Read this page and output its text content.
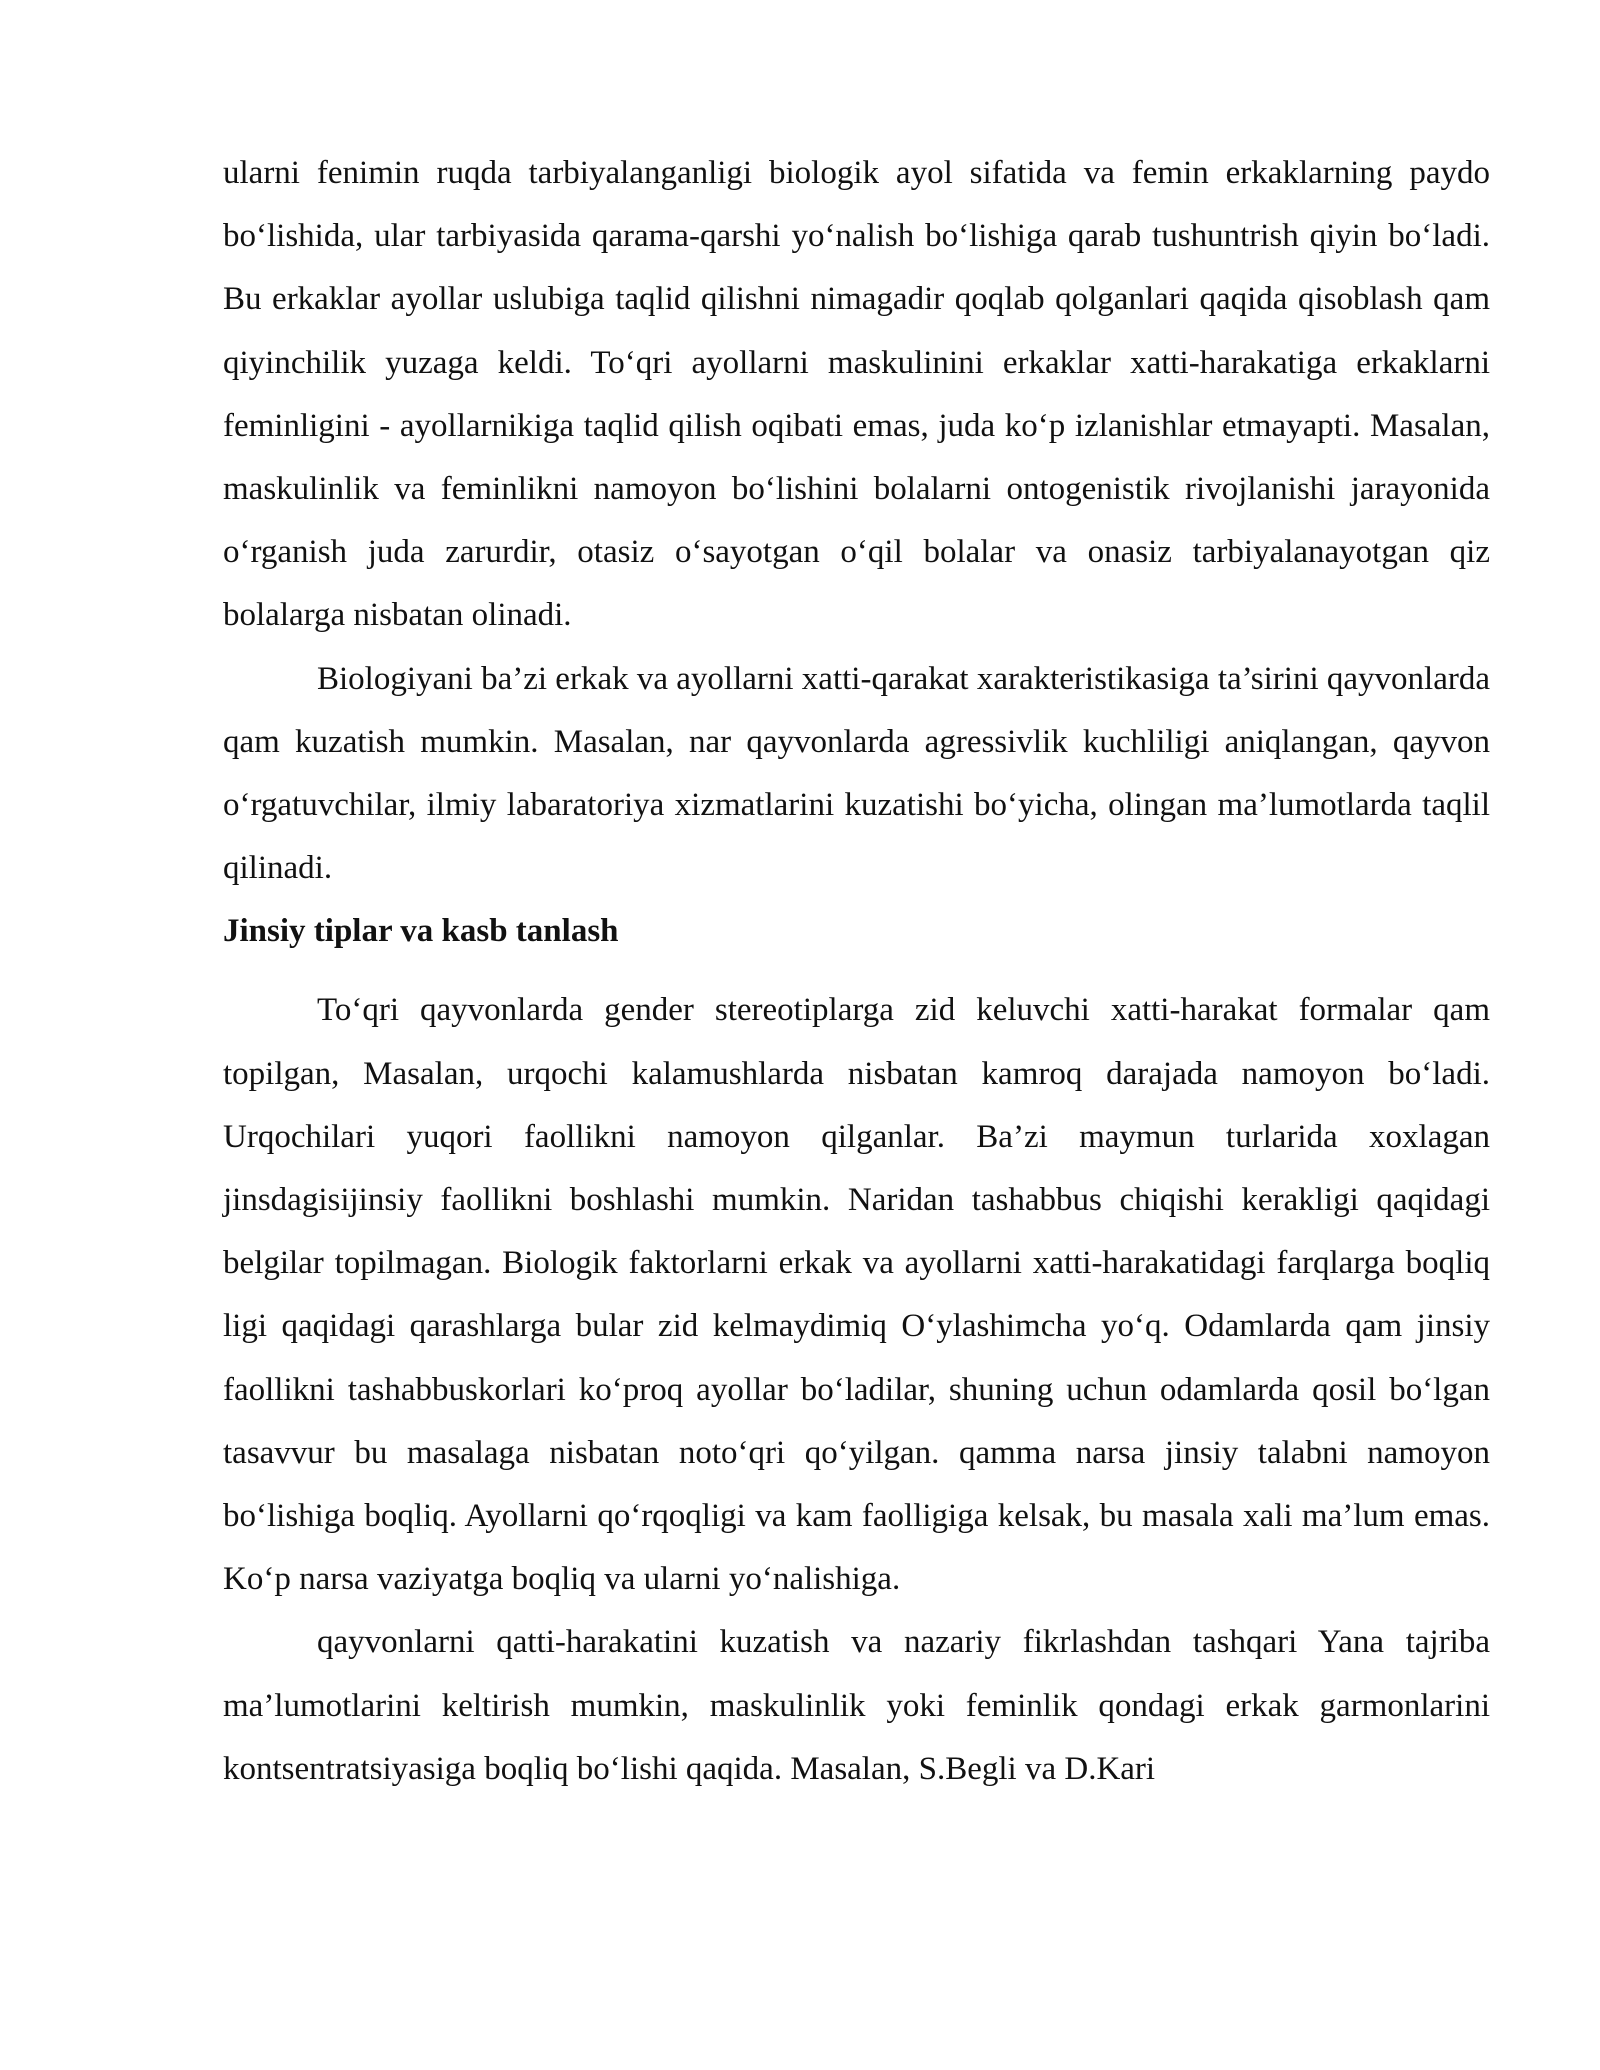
ularni fenimin ruqda tarbiyalanganligi biologik ayol sifatida va femin erkaklarning paydo bo‘lishida, ular tarbiyasida qarama-qarshi yo‘nalish bo‘lishiga qarab tushuntrish qiyin bo‘ladi. Bu erkaklar ayollar uslubiga taqlid qilishni nimagadir qoqlab qolganlari qaqida qisoblash qam qiyinchilik yuzaga keldi. To‘qri ayollarni maskulinini erkaklar xatti-harakatiga erkaklarni feminligini - ayollarnikiga taqlid qilish oqibati emas, juda ko‘p izlanishlar etmayapti. Masalan, maskulinlik va feminlikni namoyon bo‘lishini bolalarni ontogenistik rivojlanishi jarayonida o‘rganish juda zarurdir, otasiz o‘sayotgan o‘qil bolalar va onasiz tarbiyalanayotgan qiz bolalarga nisbatan olinadi.

Biologiyani ba’zi erkak va ayollarni xatti-qarakat xarakteristikasiga ta’sirini qayvonlarda qam kuzatish mumkin. Masalan, nar qayvonlarda agressivlik kuchliligi aniqlangan, qayvon o‘rgatuvchilar, ilmiy labaratoriya xizmatlarini kuzatishi bo‘yicha, olingan ma’lumotlarda taqlil qilinadi.

Jinsiy tiplar va kasb tanlash

To‘qri qayvonlarda gender stereotiplarga zid keluvchi xatti-harakat formalar qam topilgan, Masalan, urqochi kalamushlarda nisbatan kamroq darajada namoyon bo‘ladi. Urqochilari yuqori faollikni namoyon qilganlar. Ba’zi maymun turlarida xoxlagan jinsdagisijinsiy faollikni boshlashi mumkin. Naridan tashabbus chiqishi kerakligi qaqidagi belgilar topilmagan. Biologik faktorlarni erkak va ayollarni xatti-harakatidagi farqlarga boqliq ligi qaqidagi qarashlarga bular zid kelmaydimiq O‘ylashimcha yo‘q. Odamlarda qam jinsiy faollikni tashabbuskorlari ko‘proq ayollar bo‘ladilar, shuning uchun odamlarda qosil bo‘lgan tasavvur bu masalaga nisbatan noto‘qri qo‘yilgan. qamma narsa jinsiy talabni namoyon bo‘lishiga boqliq. Ayollarni qo‘rqoqligi va kam faolligiga kelsak, bu masala xali ma’lum emas. Ko‘p narsa vaziyatga boqliq va ularni yo‘nalishiga.

qayvonlarni qatti-harakatini kuzatish va nazariy fikrlashdan tashqari Yana tajriba ma’lumotlarini keltirish mumkin, maskulinlik yoki feminlik qondagi erkak garmonlarini kontsentratsiyasiga boqliq bo‘lishi qaqida. Masalan, S.Begli va D.Kari
